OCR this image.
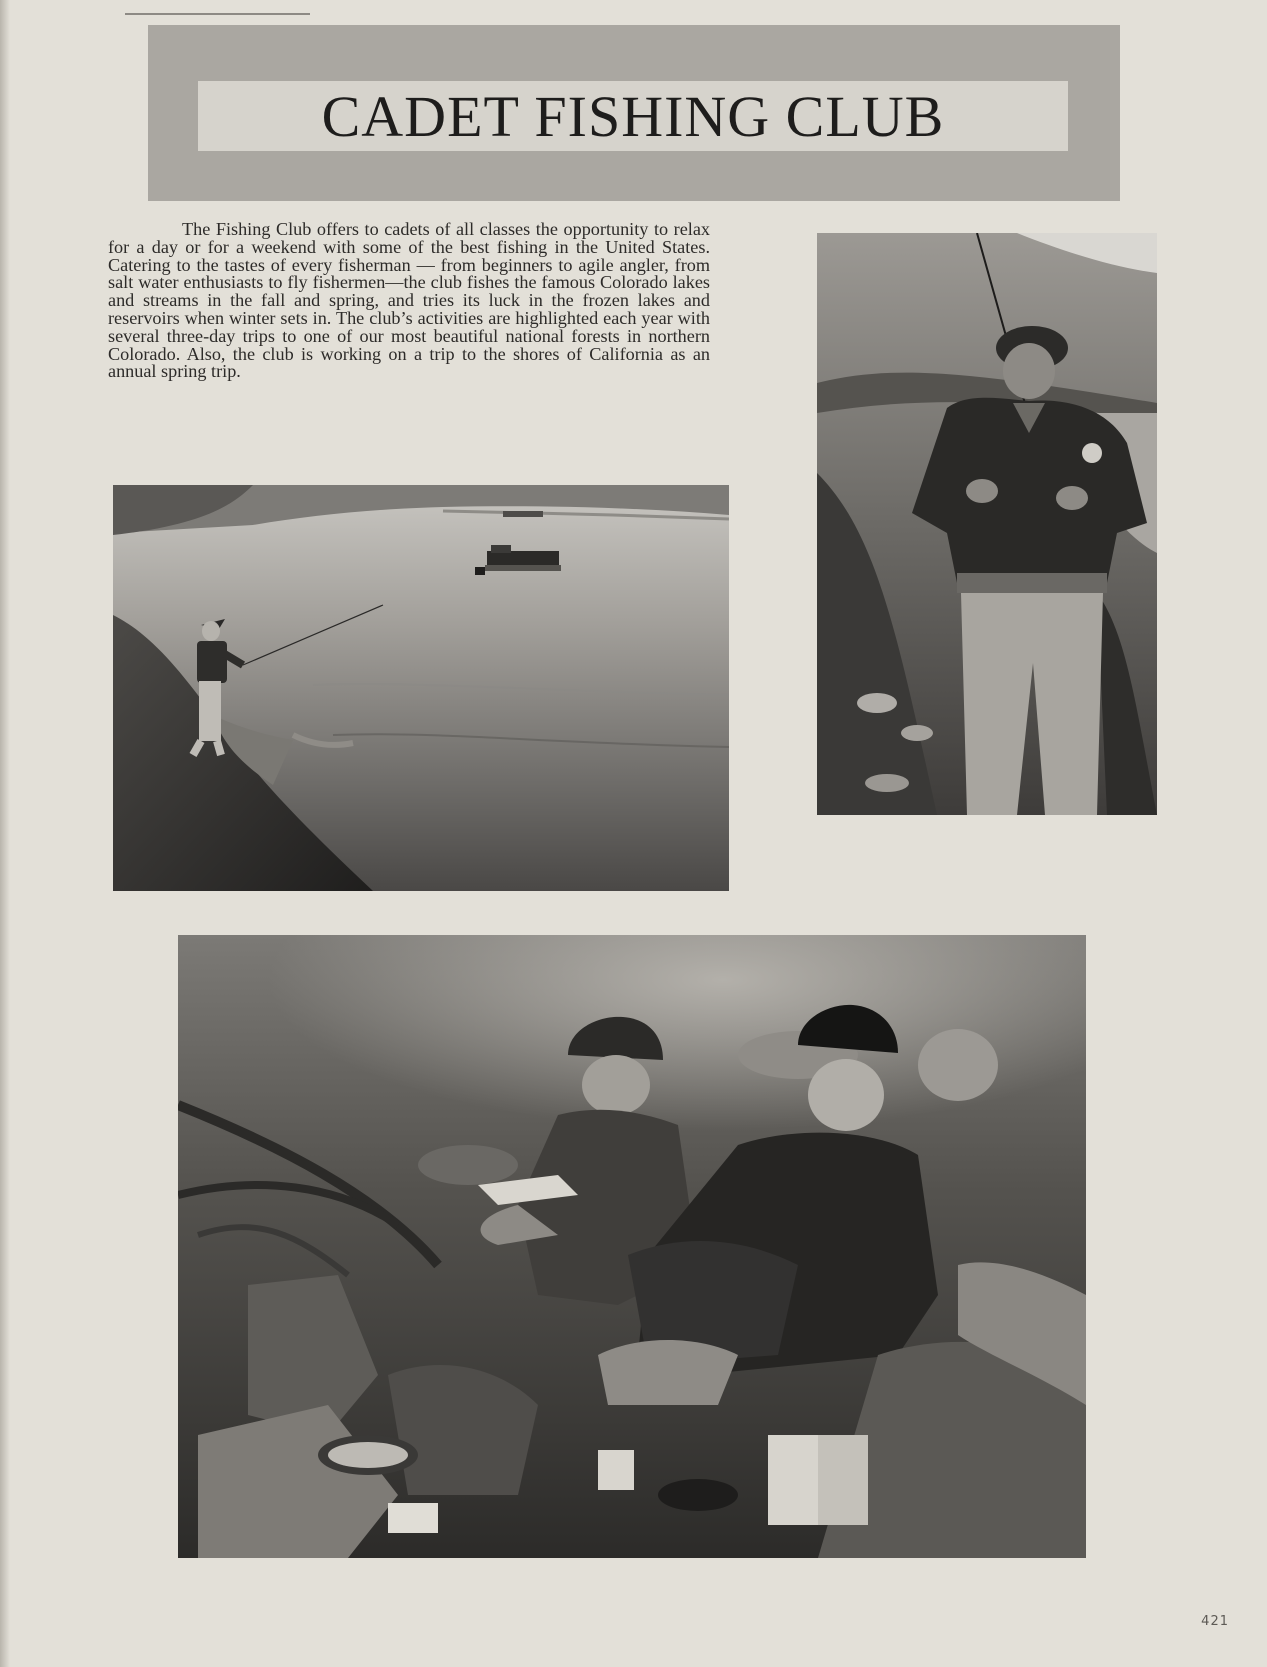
CADET FISHING CLUB

The Fishing Club offers to cadets of all classes the opportunity to relax for a day or for a weekend with some of the best fishing in the United States. Catering to the tastes of every fisherman — from beginners to agile angler, from salt water enthusiasts to fly fishermen—the club fishes the famous Colorado lakes and streams in the fall and spring, and tries its luck in the frozen lakes and reservoirs when winter sets in. The club’s activities are highlighted each year with several three-day trips to one of our most beautiful national forests in northern Colorado. Also, the club is working on a trip to the shores of California as an annual spring trip.

421
